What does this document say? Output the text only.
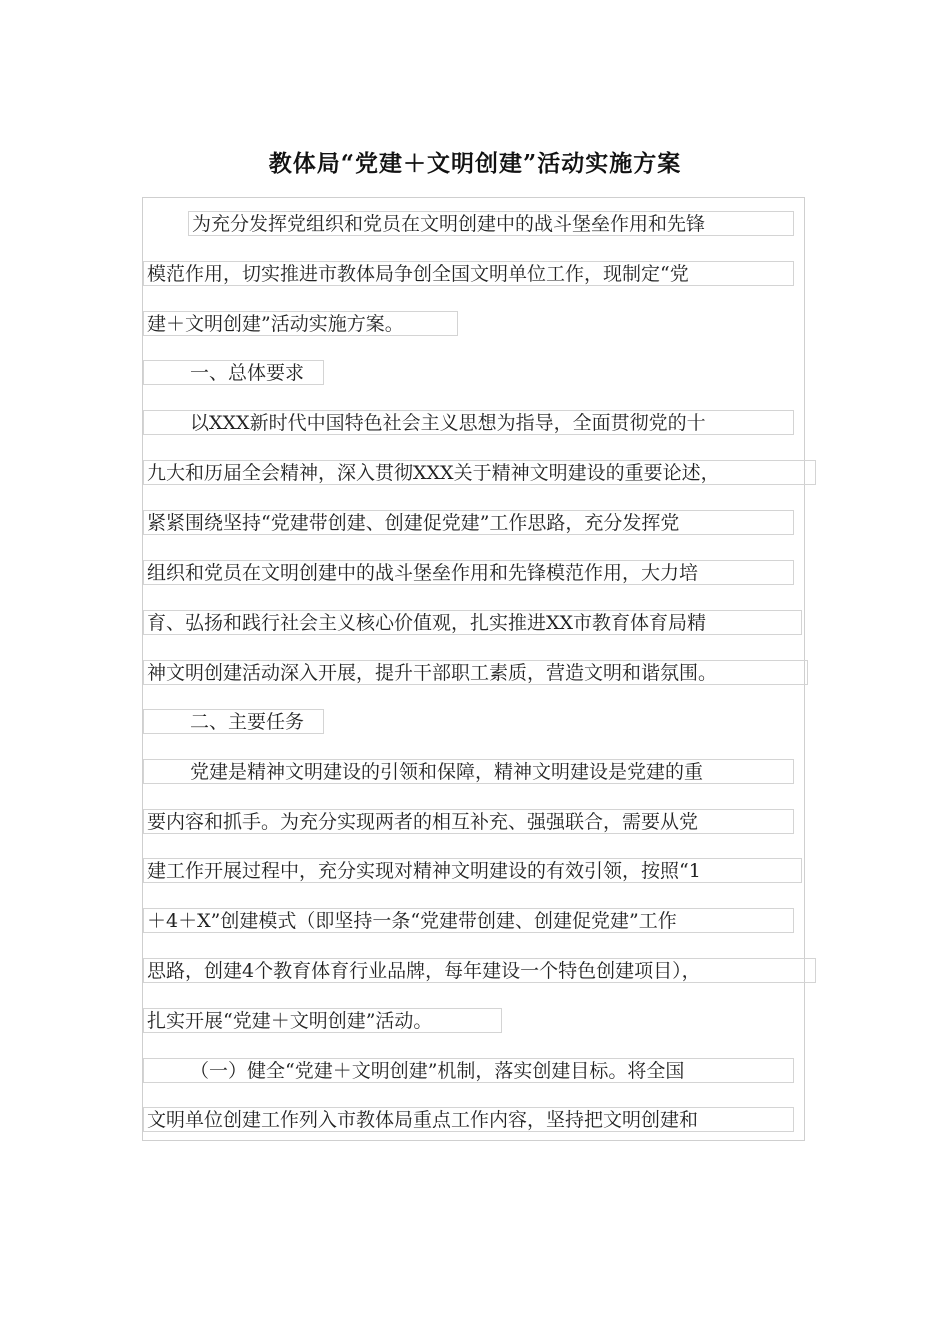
教体局“党建＋文明创建”活动实施方案
为充分发挥党组织和党员在文明创建中的战斗堡垒作用和先锋
模范作用，切实推进市教体局争创全国文明单位工作，现制定“党
建＋文明创建”活动实施方案。
一、总体要求
以XXX新时代中国特色社会主义思想为指导，全面贯彻党的十
九大和历届全会精神，深入贯彻XXX关于精神文明建设的重要论述，
紧紧围绕坚持“党建带创建、创建促党建”工作思路，充分发挥党
组织和党员在文明创建中的战斗堡垒作用和先锋模范作用，大力培
育、弘扬和践行社会主义核心价值观，扎实推进XX市教育体育局精
神文明创建活动深入开展，提升干部职工素质，营造文明和谐氛围。
二、主要任务
党建是精神文明建设的引领和保障，精神文明建设是党建的重
要内容和抓手。为充分实现两者的相互补充、强强联合，需要从党
建工作开展过程中，充分实现对精神文明建设的有效引领，按照“1
＋4＋X”创建模式（即坚持一条“党建带创建、创建促党建”工作
思路，创建4个教育体育行业品牌，每年建设一个特色创建项目），
扎实开展“党建＋文明创建”活动。
（一）健全“党建＋文明创建”机制，落实创建目标。将全国
文明单位创建工作列入市教体局重点工作内容，坚持把文明创建和
